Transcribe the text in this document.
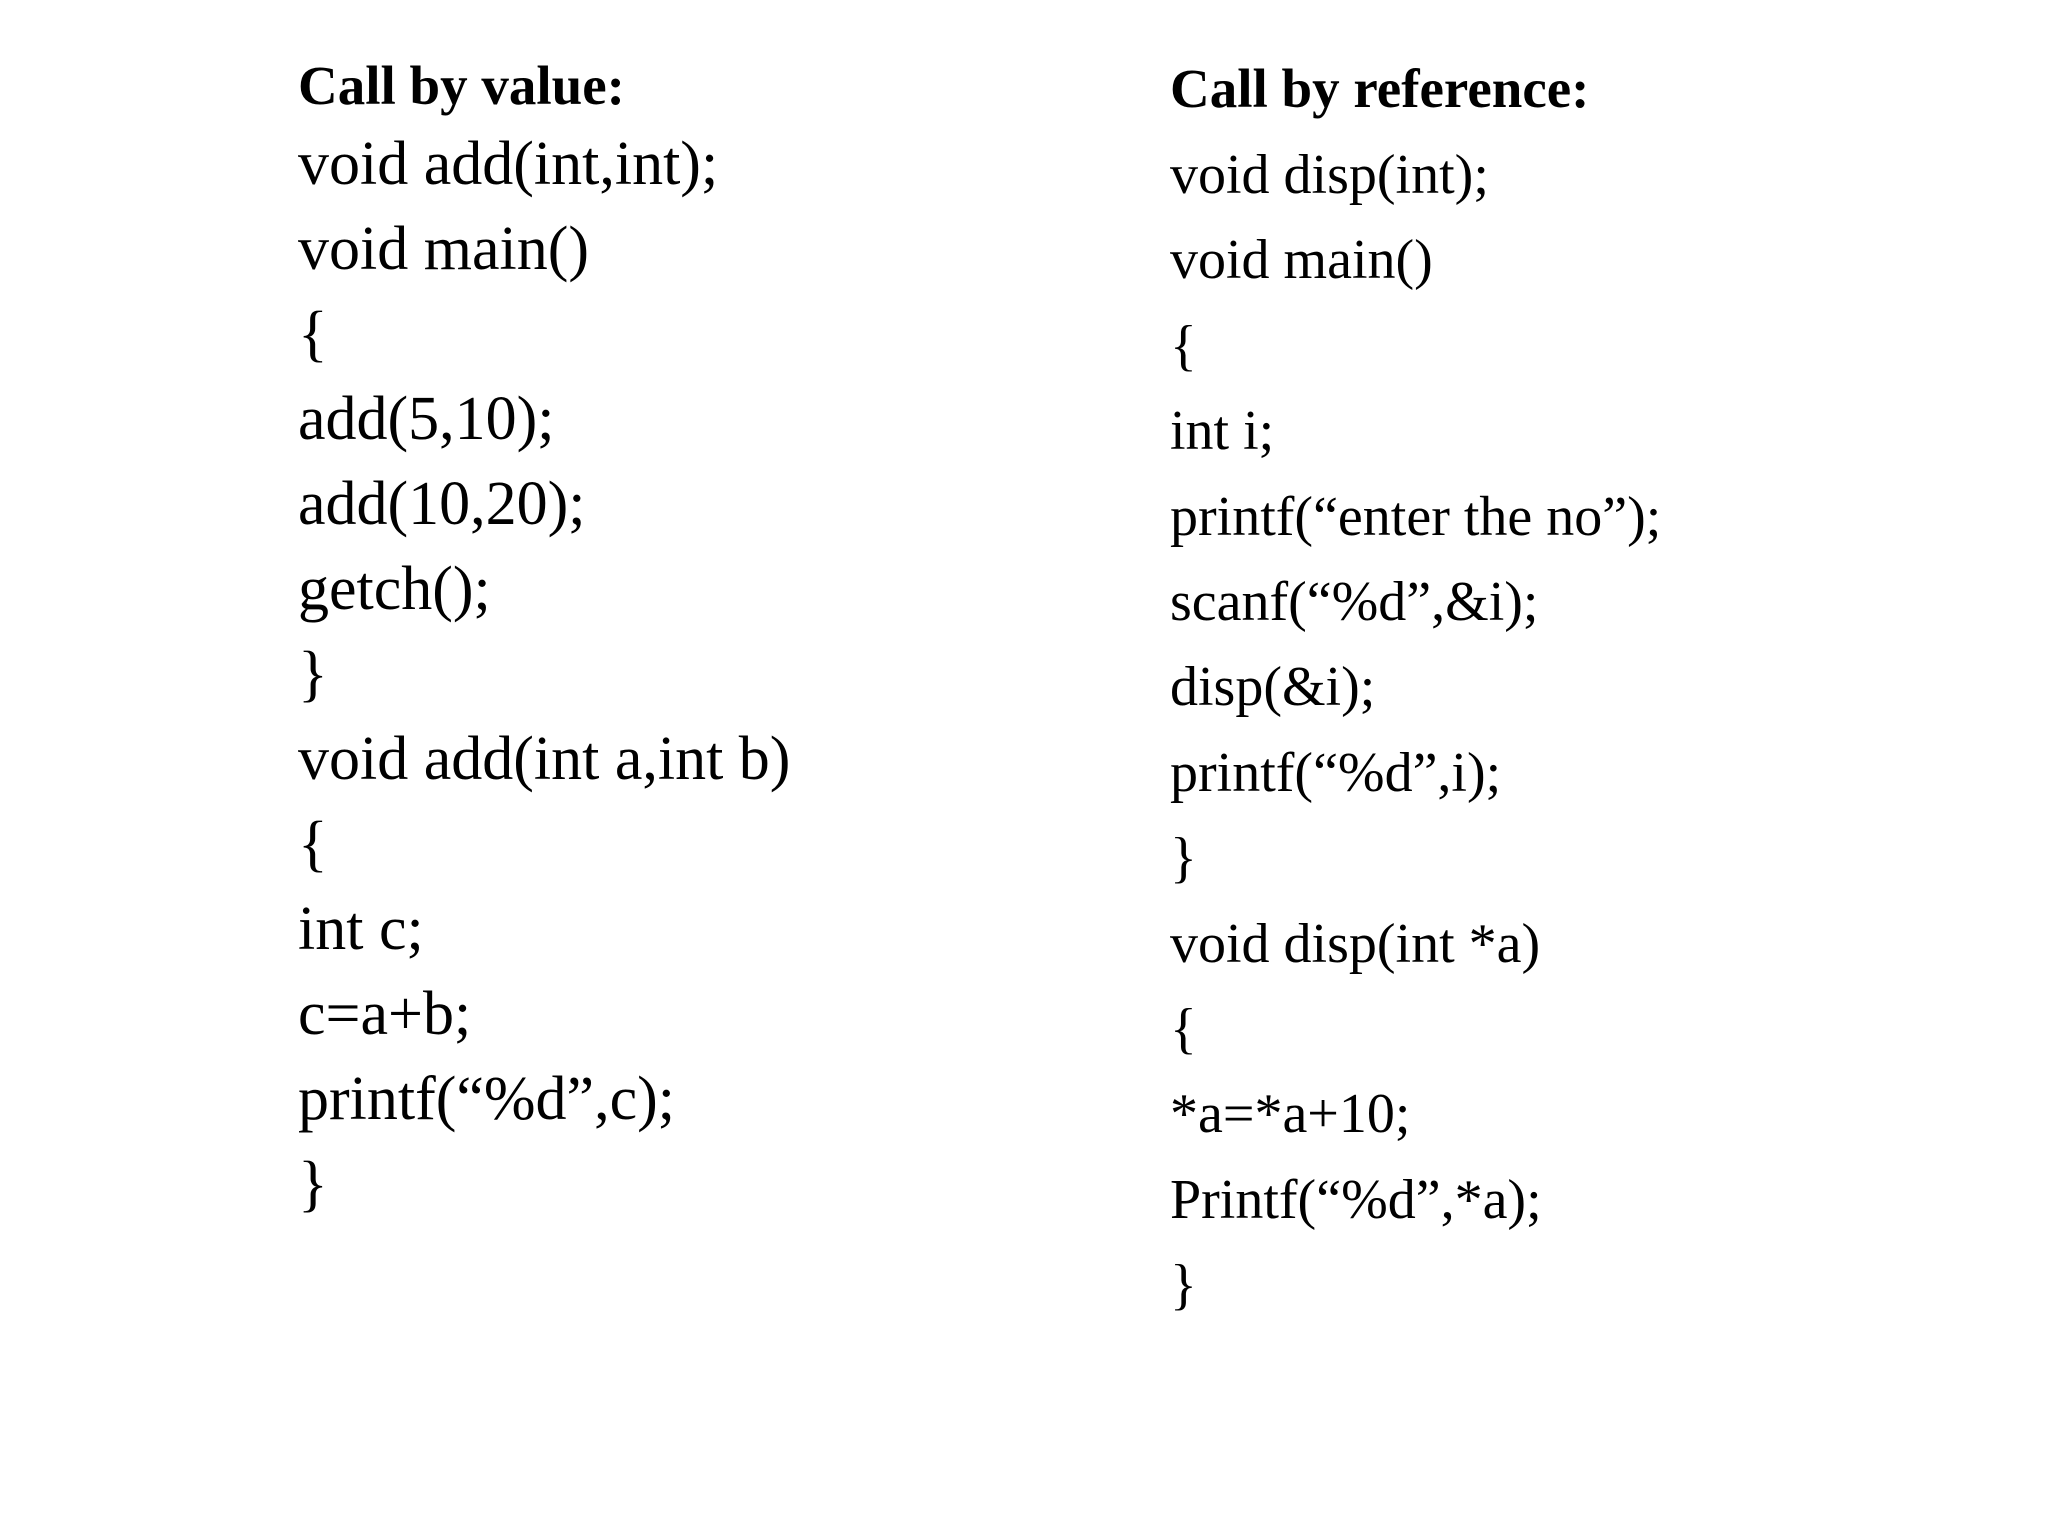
Call by value:
void add(int,int);
void main()
{
add(5,10);
add(10,20);
getch();
}
void add(int a,int b)
{
int c;
c=a+b;
printf(“%d”,c);
}
Call by reference:
void disp(int);
void main()
{
int i;
printf(“enter the no”);
scanf(“%d”,&i);
disp(&i);
printf(“%d”,i);
}
void disp(int *a)
{
*a=*a+10;
Printf(“%d”,*a);
}
